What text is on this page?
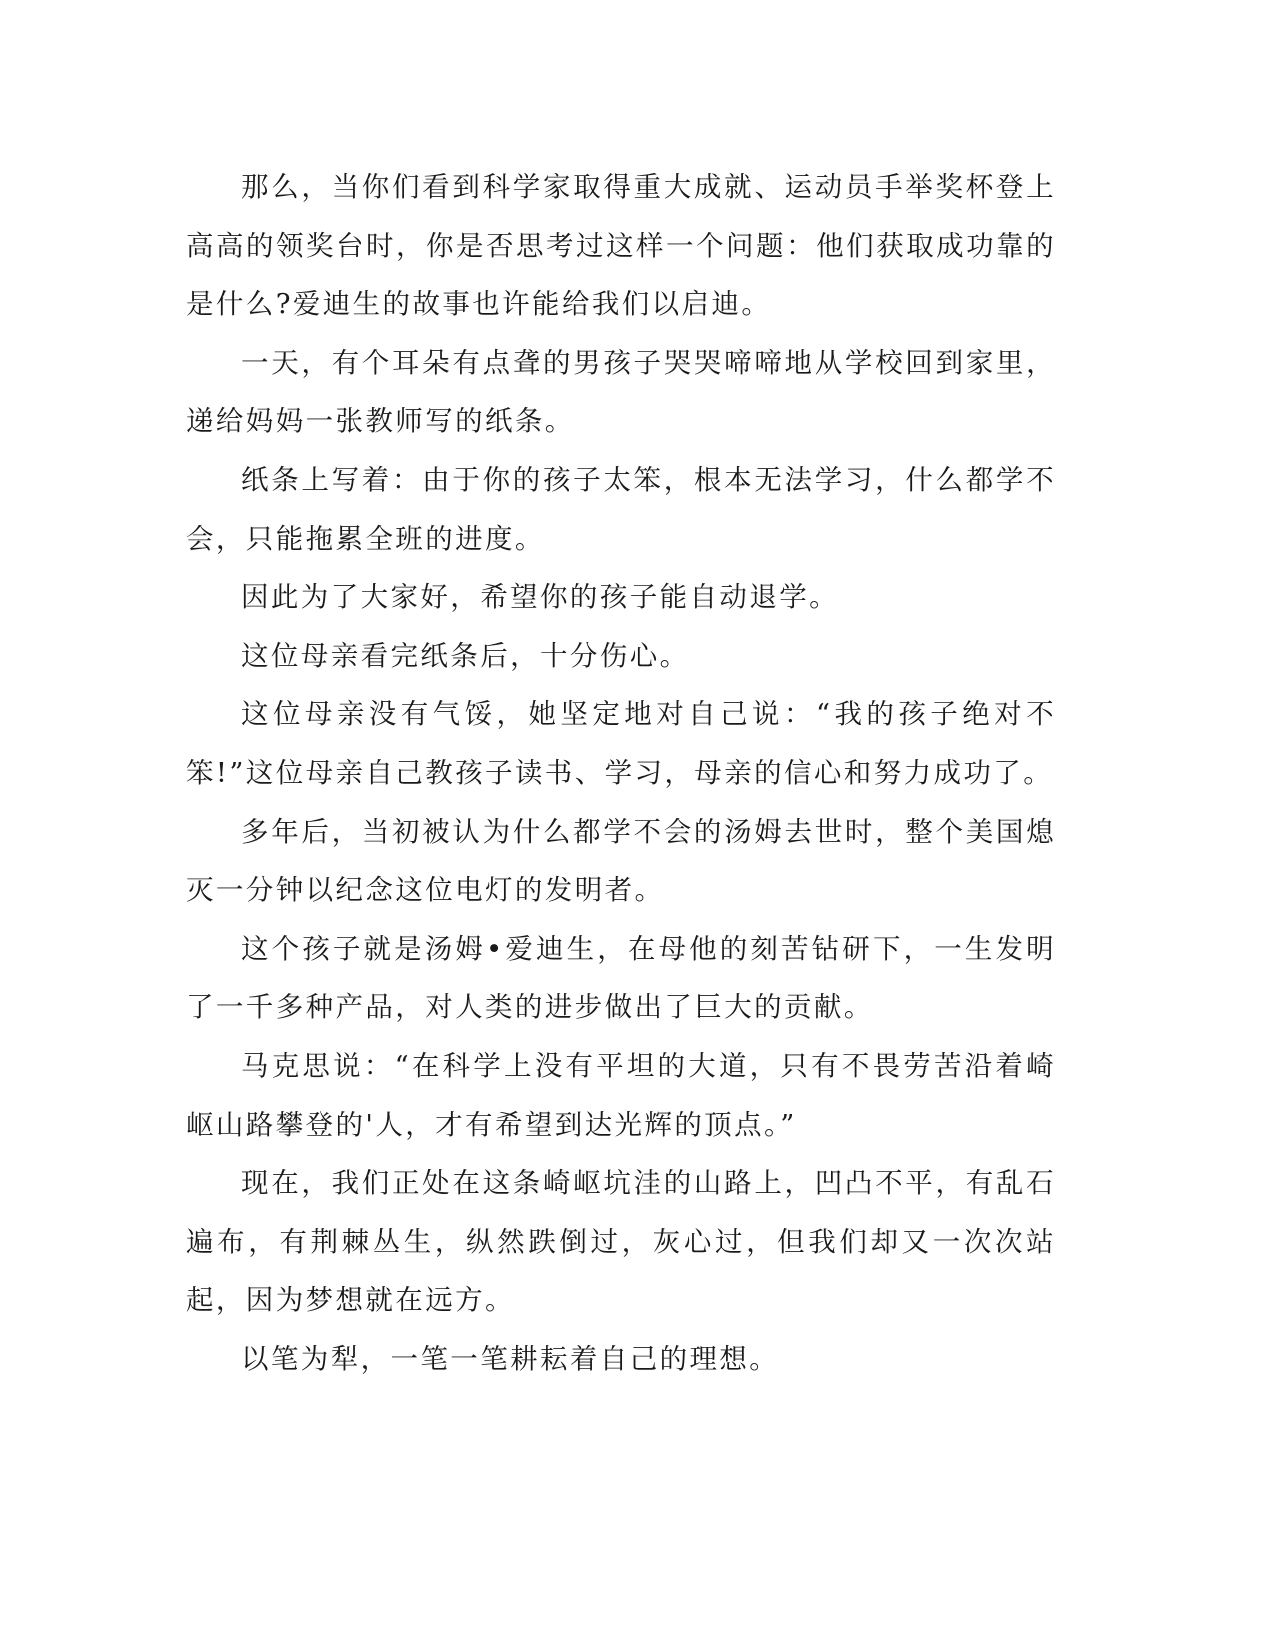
那么，当你们看到科学家取得重大成就、运动员手举奖杯登上高高的领奖台时，你是否思考过这样一个问题：他们获取成功靠的是什么?爱迪生的故事也许能给我们以启迪。

一天，有个耳朵有点聋的男孩子哭哭啼啼地从学校回到家里，递给妈妈一张教师写的纸条。

纸条上写着：由于你的孩子太笨，根本无法学习，什么都学不会，只能拖累全班的进度。

因此为了大家好，希望你的孩子能自动退学。

这位母亲看完纸条后，十分伤心。

这位母亲没有气馁，她坚定地对自己说：“我的孩子绝对不笨!”这位母亲自己教孩子读书、学习，母亲的信心和努力成功了。

多年后，当初被认为什么都学不会的汤姆去世时，整个美国熄灭一分钟以纪念这位电灯的发明者。

这个孩子就是汤姆•爱迪生，在母他的刻苦钻研下，一生发明了一千多种产品，对人类的进步做出了巨大的贡献。

马克思说：“在科学上没有平坦的大道，只有不畏劳苦沿着崎岖山路攀登的'人，才有希望到达光辉的顶点。”

现在，我们正处在这条崎岖坑洼的山路上，凹凸不平，有乱石遍布，有荆棘丛生，纵然跌倒过，灰心过，但我们却又一次次站起，因为梦想就在远方。

以笔为犁，一笔一笔耕耘着自己的理想。
